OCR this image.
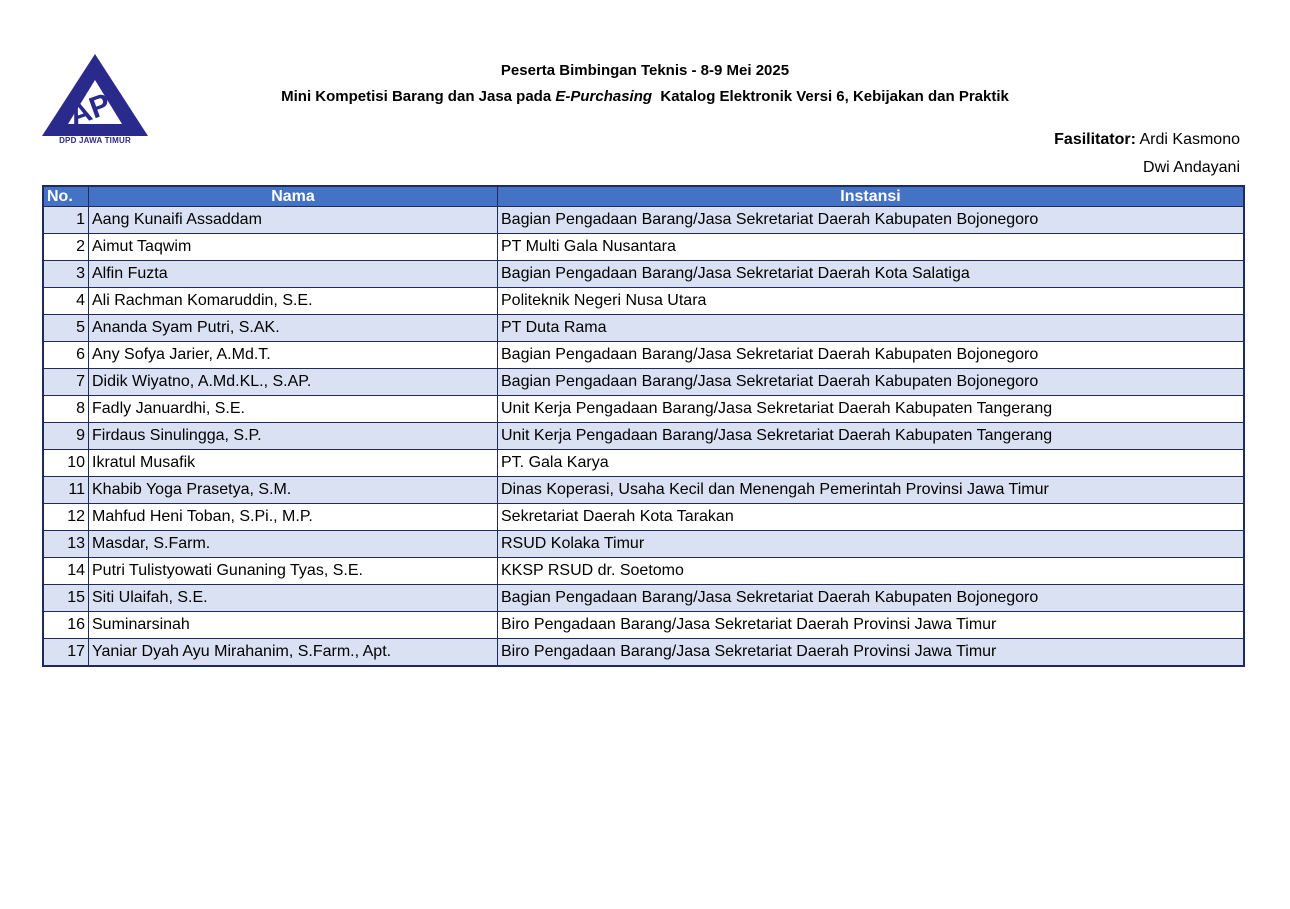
API
DPD JAWA TIMUR
Peserta Bimbingan Teknis - 8-9 Mei 2025
Mini Kompetisi Barang dan Jasa pada E-Purchasing  Katalog Elektronik Versi 6, Kebijakan dan Praktik
Fasilitator: Ardi Kasmono
Dwi Andayani
No.	Nama	Instansi
1	Aang Kunaifi Assaddam	Bagian Pengadaan Barang/Jasa Sekretariat Daerah Kabupaten Bojonegoro
2	Aimut Taqwim	PT Multi Gala Nusantara
3	Alfin Fuzta	Bagian Pengadaan Barang/Jasa Sekretariat Daerah Kota Salatiga
4	Ali Rachman Komaruddin, S.E.	Politeknik Negeri Nusa Utara
5	Ananda Syam Putri, S.AK.	PT Duta Rama
6	Any Sofya Jarier, A.Md.T.	Bagian Pengadaan Barang/Jasa Sekretariat Daerah Kabupaten Bojonegoro
7	Didik Wiyatno, A.Md.KL., S.AP.	Bagian Pengadaan Barang/Jasa Sekretariat Daerah Kabupaten Bojonegoro
8	Fadly Januardhi, S.E.	Unit Kerja Pengadaan Barang/Jasa Sekretariat Daerah Kabupaten Tangerang
9	Firdaus Sinulingga, S.P.	Unit Kerja Pengadaan Barang/Jasa Sekretariat Daerah Kabupaten Tangerang
10	Ikratul Musafik	PT. Gala Karya
11	Khabib Yoga Prasetya, S.M.	Dinas Koperasi, Usaha Kecil dan Menengah Pemerintah Provinsi Jawa Timur
12	Mahfud Heni Toban, S.Pi., M.P.	Sekretariat Daerah Kota Tarakan
13	Masdar, S.Farm.	RSUD Kolaka Timur
14	Putri Tulistyowati Gunaning Tyas, S.E.	KKSP RSUD dr. Soetomo
15	Siti Ulaifah, S.E.	Bagian Pengadaan Barang/Jasa Sekretariat Daerah Kabupaten Bojonegoro
16	Suminarsinah	Biro Pengadaan Barang/Jasa Sekretariat Daerah Provinsi Jawa Timur
17	Yaniar Dyah Ayu Mirahanim, S.Farm., Apt.	Biro Pengadaan Barang/Jasa Sekretariat Daerah Provinsi Jawa Timur
